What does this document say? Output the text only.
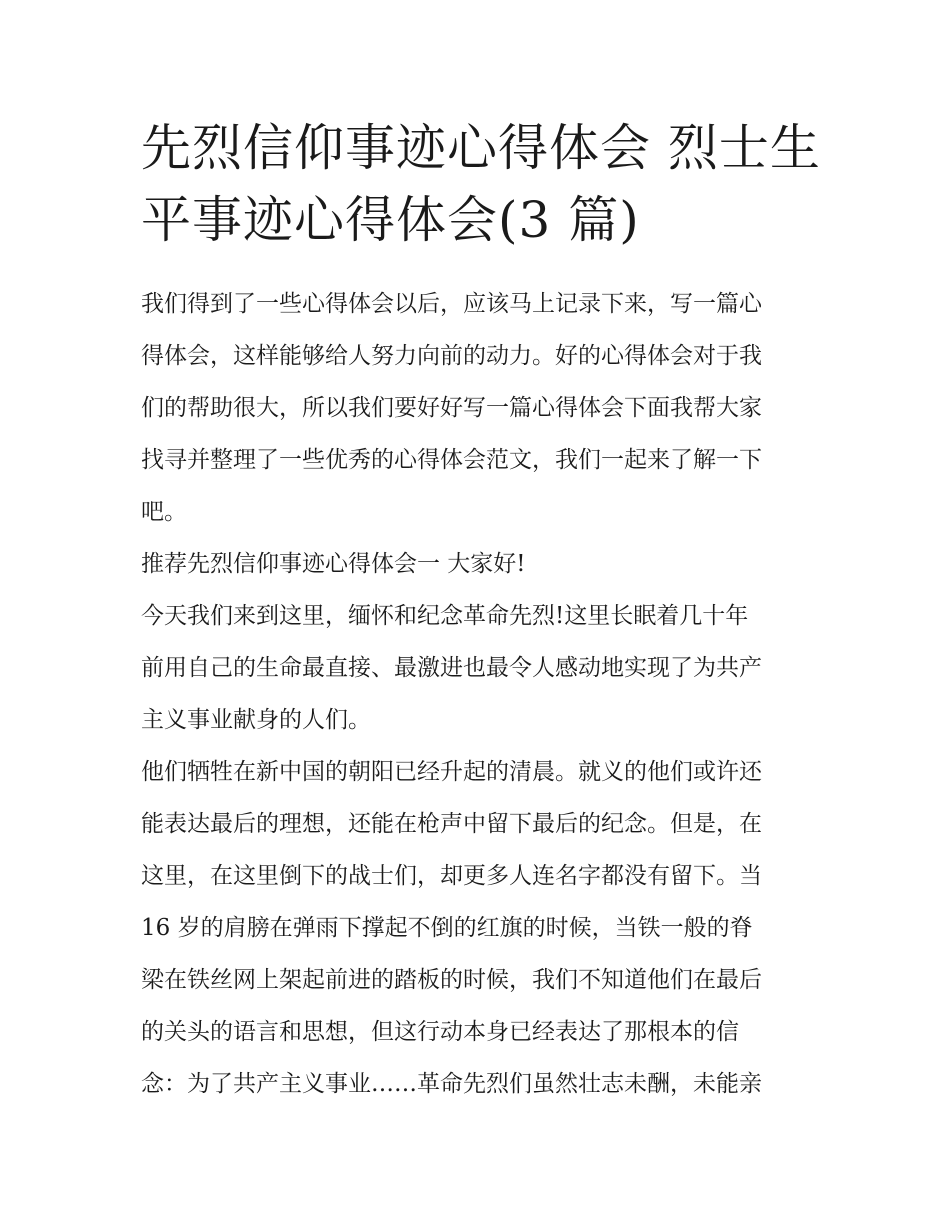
先烈信仰事迹心得体会 烈士生
平事迹心得体会(3 篇)

我们得到了一些心得体会以后，应该马上记录下来，写一篇心
得体会，这样能够给人努力向前的动力。好的心得体会对于我
们的帮助很大，所以我们要好好写一篇心得体会下面我帮大家
找寻并整理了一些优秀的心得体会范文，我们一起来了解一下
吧。

推荐先烈信仰事迹心得体会一 大家好!

今天我们来到这里，缅怀和纪念革命先烈!这里长眠着几十年
前用自己的生命最直接、最激进也最令人感动地实现了为共产
主义事业献身的人们。

他们牺牲在新中国的朝阳已经升起的清晨。就义的他们或许还
能表达最后的理想，还能在枪声中留下最后的纪念。但是，在
这里，在这里倒下的战士们，却更多人连名字都没有留下。当
16 岁的肩膀在弹雨下撑起不倒的红旗的时候，当铁一般的脊
梁在铁丝网上架起前进的踏板的时候，我们不知道他们在最后
的关头的语言和思想，但这行动本身已经表达了那根本的信
念：为了共产主义事业……革命先烈们虽然壮志未酬，未能亲
